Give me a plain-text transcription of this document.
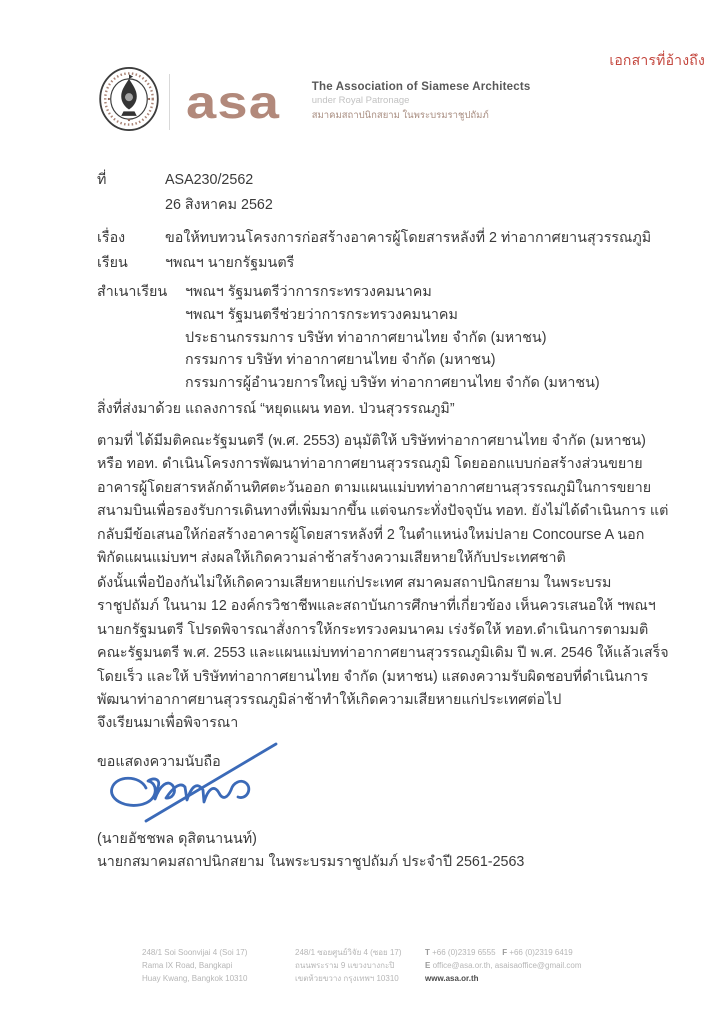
เอกสารที่อ้างถึง
asa	The Association of Siamese Architects
under Royal Patronage
สมาคมสถาปนิกสยาม ในพระบรมราชูปถัมภ์
ที่	ASA230/2562
26 สิงหาคม 2562
เรื่อง	ขอให้ทบทวนโครงการก่อสร้างอาคารผู้โดยสารหลังที่ 2 ท่าอากาศยานสุวรรณภูมิ
เรียน	ฯพณฯ นายกรัฐมนตรี
สำเนาเรียน	ฯพณฯ รัฐมนตรีว่าการกระทรวงคมนาคม
ฯพณฯ รัฐมนตรีช่วยว่าการกระทรวงคมนาคม
ประธานกรรมการ บริษัท ท่าอากาศยานไทย จำกัด (มหาชน)
กรรมการ บริษัท ท่าอากาศยานไทย จำกัด (มหาชน)
กรรมการผู้อำนวยการใหญ่ บริษัท ท่าอากาศยานไทย จำกัด (มหาชน)
สิ่งที่ส่งมาด้วย แถลงการณ์ “หยุดแผน ทอท. ป่วนสุวรรณภูมิ”
ตามที่ ได้มีมติคณะรัฐมนตรี (พ.ศ. 2553) อนุมัติให้ บริษัทท่าอากาศยานไทย จำกัด (มหาชน) หรือ ทอท. ดำเนินโครงการพัฒนาท่าอากาศยานสุวรรณภูมิ โดยออกแบบก่อสร้างส่วนขยายอาคารผู้โดยสารหลักด้านทิศตะวันออก ตามแผนแม่บทท่าอากาศยานสุวรรณภูมิในการขยายสนามบินเพื่อรองรับการเดินทางที่เพิ่มมากขึ้น แต่จนกระทั่งปัจจุบัน ทอท. ยังไม่ได้ดำเนินการ แต่กลับมีข้อเสนอให้ก่อสร้างอาคารผู้โดยสารหลังที่ 2 ในตำแหน่งใหม่ปลาย Concourse A นอกพิกัดแผนแม่บทฯ ส่งผลให้เกิดความล่าช้าสร้างความเสียหายให้กับประเทศชาติ
ดังนั้นเพื่อป้องกันไม่ให้เกิดความเสียหายแก่ประเทศ สมาคมสถาปนิกสยาม ในพระบรมราชูปถัมภ์ ในนาม 12 องค์กรวิชาชีพและสถาบันการศึกษาที่เกี่ยวข้อง เห็นควรเสนอให้ ฯพณฯ นายกรัฐมนตรี โปรดพิจารณาสั่งการให้กระทรวงคมนาคม เร่งรัดให้ ทอท.ดำเนินการตามมติคณะรัฐมนตรี พ.ศ. 2553 และแผนแม่บทท่าอากาศยานสุวรรณภูมิเดิม ปี พ.ศ. 2546 ให้แล้วเสร็จโดยเร็ว และให้ บริษัทท่าอากาศยานไทย จำกัด (มหาชน) แสดงความรับผิดชอบที่ดำเนินการพัฒนาท่าอากาศยานสุวรรณภูมิล่าช้าทำให้เกิดความเสียหายแก่ประเทศต่อไป
จึงเรียนมาเพื่อพิจารณา
ขอแสดงความนับถือ
(นายอัชชพล ดุสิตนานนท์)
นายกสมาคมสถาปนิกสยาม ในพระบรมราชูปถัมภ์ ประจำปี 2561-2563
248/1 Soi Soonvijai 4 (Soi 17)
Rama IX Road, Bangkapi
Huay Kwang, Bangkok 10310
248/1 ซอยศูนย์วิจัย 4 (ซอย 17)
ถนนพระราม 9 แขวงบางกะปิ
เขตห้วยขวาง กรุงเทพฯ 10310
T +66 (0)2319 6555 F +66 (0)2319 6419
E office@asa.or.th, asaisaoffice@gmail.com
www.asa.or.th
